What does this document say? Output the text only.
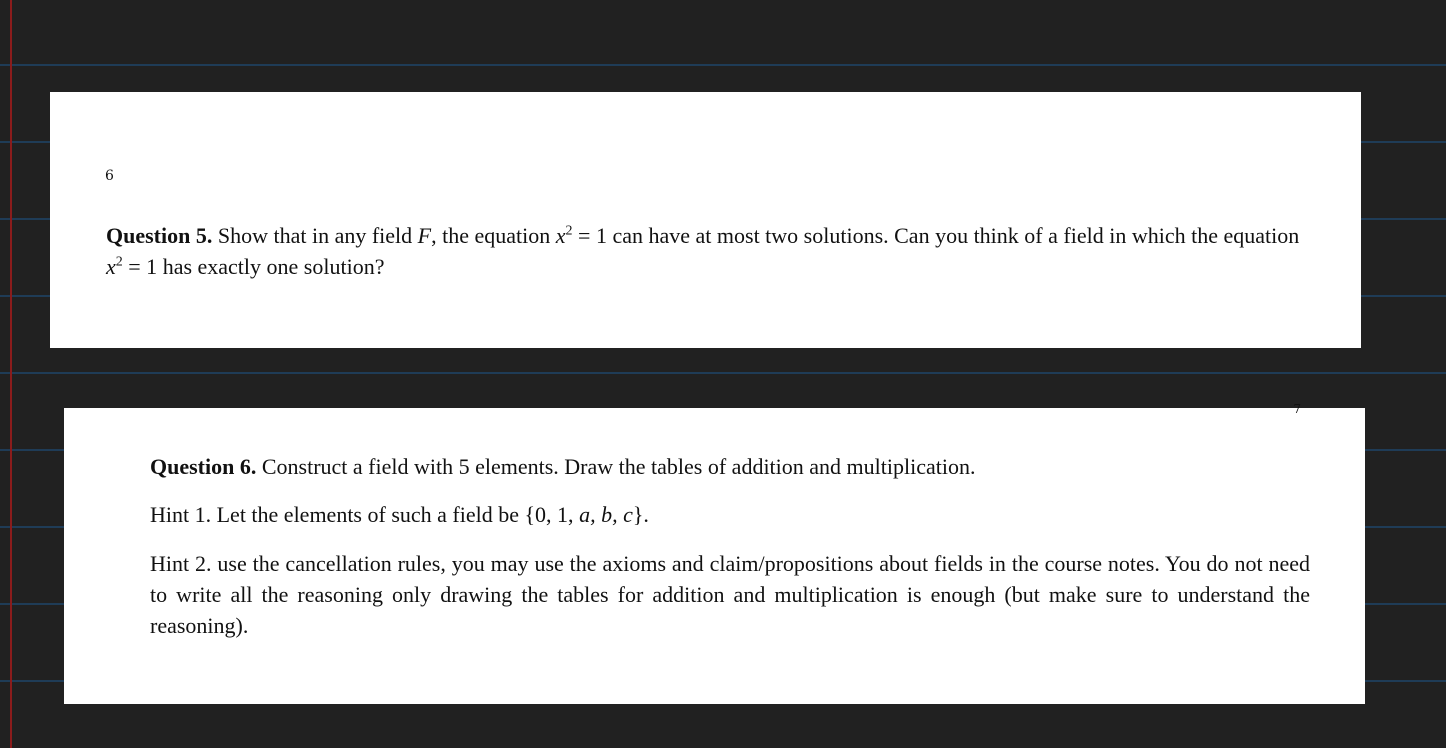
6

Question 5. Show that in any field F, the equation $x^2 = 1$ can have at most two solutions. Can you think of a field in which the equation $x^2 = 1$ has exactly one solution?

7

Question 6. Construct a field with 5 elements. Draw the tables of addition and multiplication.

Hint 1. Let the elements of such a field be {0, 1, a, b, c}.

Hint 2. use the cancellation rules, you may use the axioms and claim/propositions about fields in the course notes. You do not need to write all the reasoning only drawing the tables for addition and multiplication is enough (but make sure to understand the reasoning).
